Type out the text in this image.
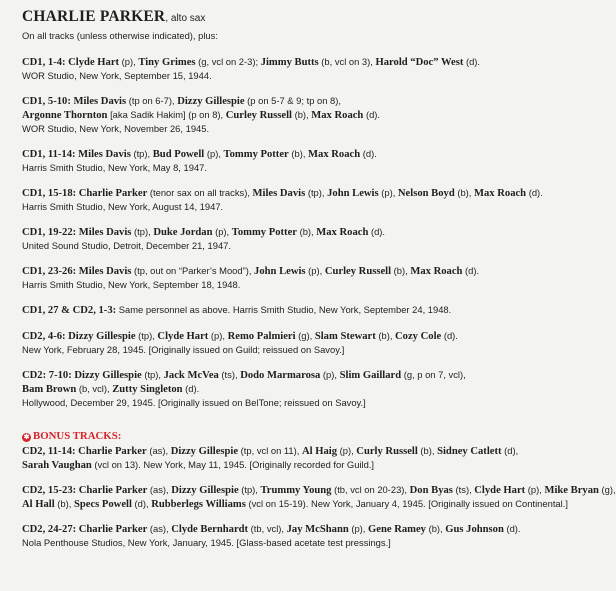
CHARLIE PARKER, alto sax
On all tracks (unless otherwise indicated), plus:
CD1, 1-4: Clyde Hart (p), Tiny Grimes (g, vcl on 2-3); Jimmy Butts (b, vcl on 3), Harold “Doc” West (d).
WOR Studio, New York, September 15, 1944.
CD1, 5-10: Miles Davis (tp on 6-7), Dizzy Gillespie (p on 5-7 & 9; tp on 8),
Argonne Thornton [aka Sadik Hakim] (p on 8), Curley Russell (b), Max Roach (d).
WOR Studio, New York, November 26, 1945.
CD1, 11-14: Miles Davis (tp), Bud Powell (p), Tommy Potter (b), Max Roach (d).
Harris Smith Studio, New York, May 8, 1947.
CD1, 15-18: Charlie Parker (tenor sax on all tracks), Miles Davis (tp), John Lewis (p), Nelson Boyd (b), Max Roach (d).
Harris Smith Studio, New York, August 14, 1947.
CD1, 19-22: Miles Davis (tp), Duke Jordan (p), Tommy Potter (b), Max Roach (d).
United Sound Studio, Detroit, December 21, 1947.
CD1, 23-26: Miles Davis (tp, out on “Parker’s Mood”), John Lewis (p), Curley Russell (b), Max Roach (d).
Harris Smith Studio, New York, September 18, 1948.
CD1, 27 & CD2, 1-3: Same personnel as above. Harris Smith Studio, New York, September 24, 1948.
CD2, 4-6: Dizzy Gillespie (tp), Clyde Hart (p), Remo Palmieri (g), Slam Stewart (b), Cozy Cole (d).
New York, February 28, 1945. [Originally issued on Guild; reissued on Savoy.]
CD2: 7-10: Dizzy Gillespie (tp), Jack McVea (ts), Dodo Marmarosa (p), Slim Gaillard (g, p on 7, vcl),
Bam Brown (b, vcl), Zutty Singleton (d).
Hollywood, December 29, 1945. [Originally issued on BelTone; reissued on Savoy.]
✱ BONUS TRACKS:
CD2, 11-14: Charlie Parker (as), Dizzy Gillespie (tp, vcl on 11), Al Haig (p), Curly Russell (b), Sidney Catlett (d),
Sarah Vaughan (vcl on 13). New York, May 11, 1945. [Originally recorded for Guild.]
CD2, 15-23: Charlie Parker (as), Dizzy Gillespie (tp), Trummy Young (tb, vcl on 20-23), Don Byas (ts), Clyde Hart (p), Mike Bryan (g),
Al Hall (b), Specs Powell (d), Rubberlegs Williams (vcl on 15-19). New York, January 4, 1945. [Originally issued on Continental.]
CD2, 24-27: Charlie Parker (as), Clyde Bernhardt (tb, vcl), Jay McShann (p), Gene Ramey (b), Gus Johnson (d).
Nola Penthouse Studios, New York, January, 1945. [Glass-based acetate test pressings.]
